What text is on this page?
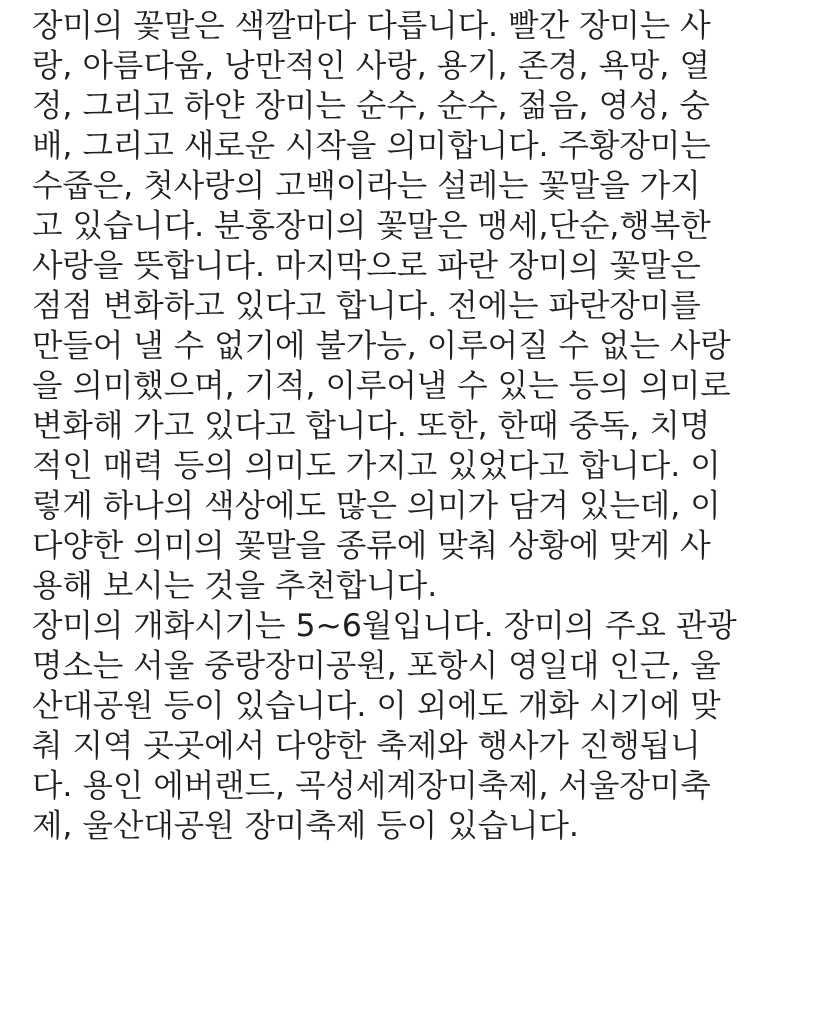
장미의 꽃말은 색깔마다 다릅니다. 빨간 장미는 사
랑, 아름다움, 낭만적인 사랑, 용기, 존경, 욕망, 열
정, 그리고 하얀 장미는 순수, 순수, 젊음, 영성, 숭
배, 그리고 새로운 시작을 의미합니다. 주황장미는
수줍은, 첫사랑의 고백이라는 설레는 꽃말을 가지
고 있습니다. 분홍장미의 꽃말은 맹세,단순,행복한
사랑을 뜻합니다. 마지막으로 파란 장미의 꽃말은
점점 변화하고 있다고 합니다. 전에는 파란장미를
만들어 낼 수 없기에 불가능, 이루어질 수 없는 사랑
을 의미했으며, 기적, 이루어낼 수 있는 등의 의미로
변화해 가고 있다고 합니다. 또한, 한때 중독, 치명
적인 매력 등의 의미도 가지고 있었다고 합니다. 이
렇게 하나의 색상에도 많은 의미가 담겨 있는데, 이
다양한 의미의 꽃말을 종류에 맞춰 상황에 맞게 사
용해 보시는 것을 추천합니다.
장미의 개화시기는 5~6월입니다. 장미의 주요 관광
명소는 서울 중랑장미공원, 포항시 영일대 인근, 울
산대공원 등이 있습니다. 이 외에도 개화 시기에 맞
춰 지역 곳곳에서 다양한 축제와 행사가 진행됩니
다. 용인 에버랜드, 곡성세계장미축제, 서울장미축
제, 울산대공원 장미축제 등이 있습니다.
